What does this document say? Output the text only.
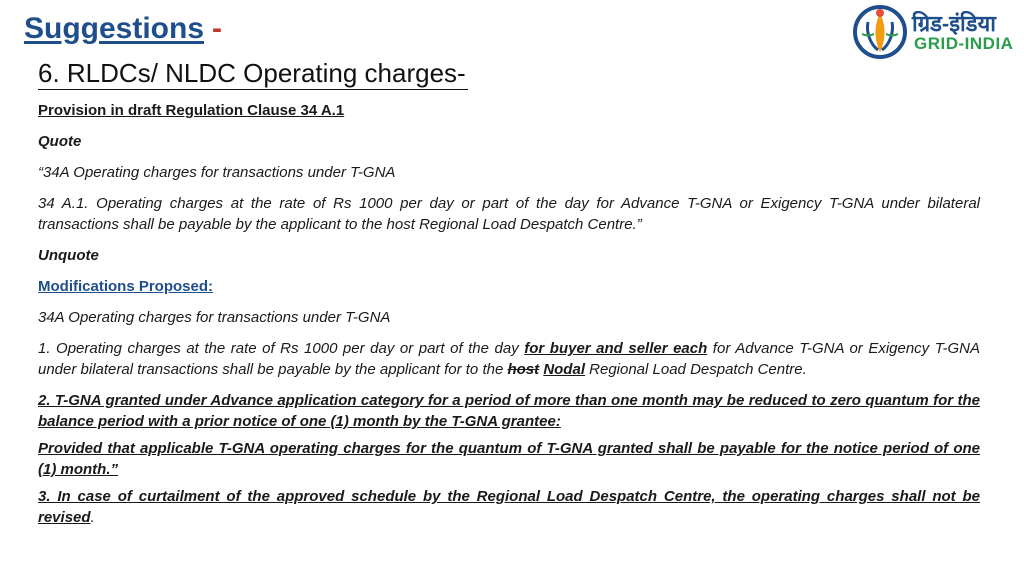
Suggestions -
6. RLDCs/ NLDC Operating charges-
ग्रिड-इंडिया
GRID-INDIA

Provision in draft Regulation Clause 34 A.1

Quote

“34A Operating charges for transactions under T-GNA

34 A.1. Operating charges at the rate of Rs 1000 per day or part of the day for Advance T-GNA or Exigency T-GNA under bilateral transactions shall be payable by the applicant to the host Regional Load Despatch Centre.”

Unquote

Modifications Proposed:

34A Operating charges for transactions under T-GNA

1. Operating charges at the rate of Rs 1000 per day or part of the day for buyer and seller each for Advance T-GNA or Exigency T-GNA under bilateral transactions shall be payable by the applicant for to the host Nodal Regional Load Despatch Centre.

2. T-GNA granted under Advance application category for a period of more than one month may be reduced to zero quantum for the balance period with a prior notice of one (1) month by the T-GNA grantee:

Provided that applicable T-GNA operating charges for the quantum of T-GNA granted shall be payable for the notice period of one (1) month.”

3. In case of curtailment of the approved schedule by the Regional Load Despatch Centre, the operating charges shall not be revised.
